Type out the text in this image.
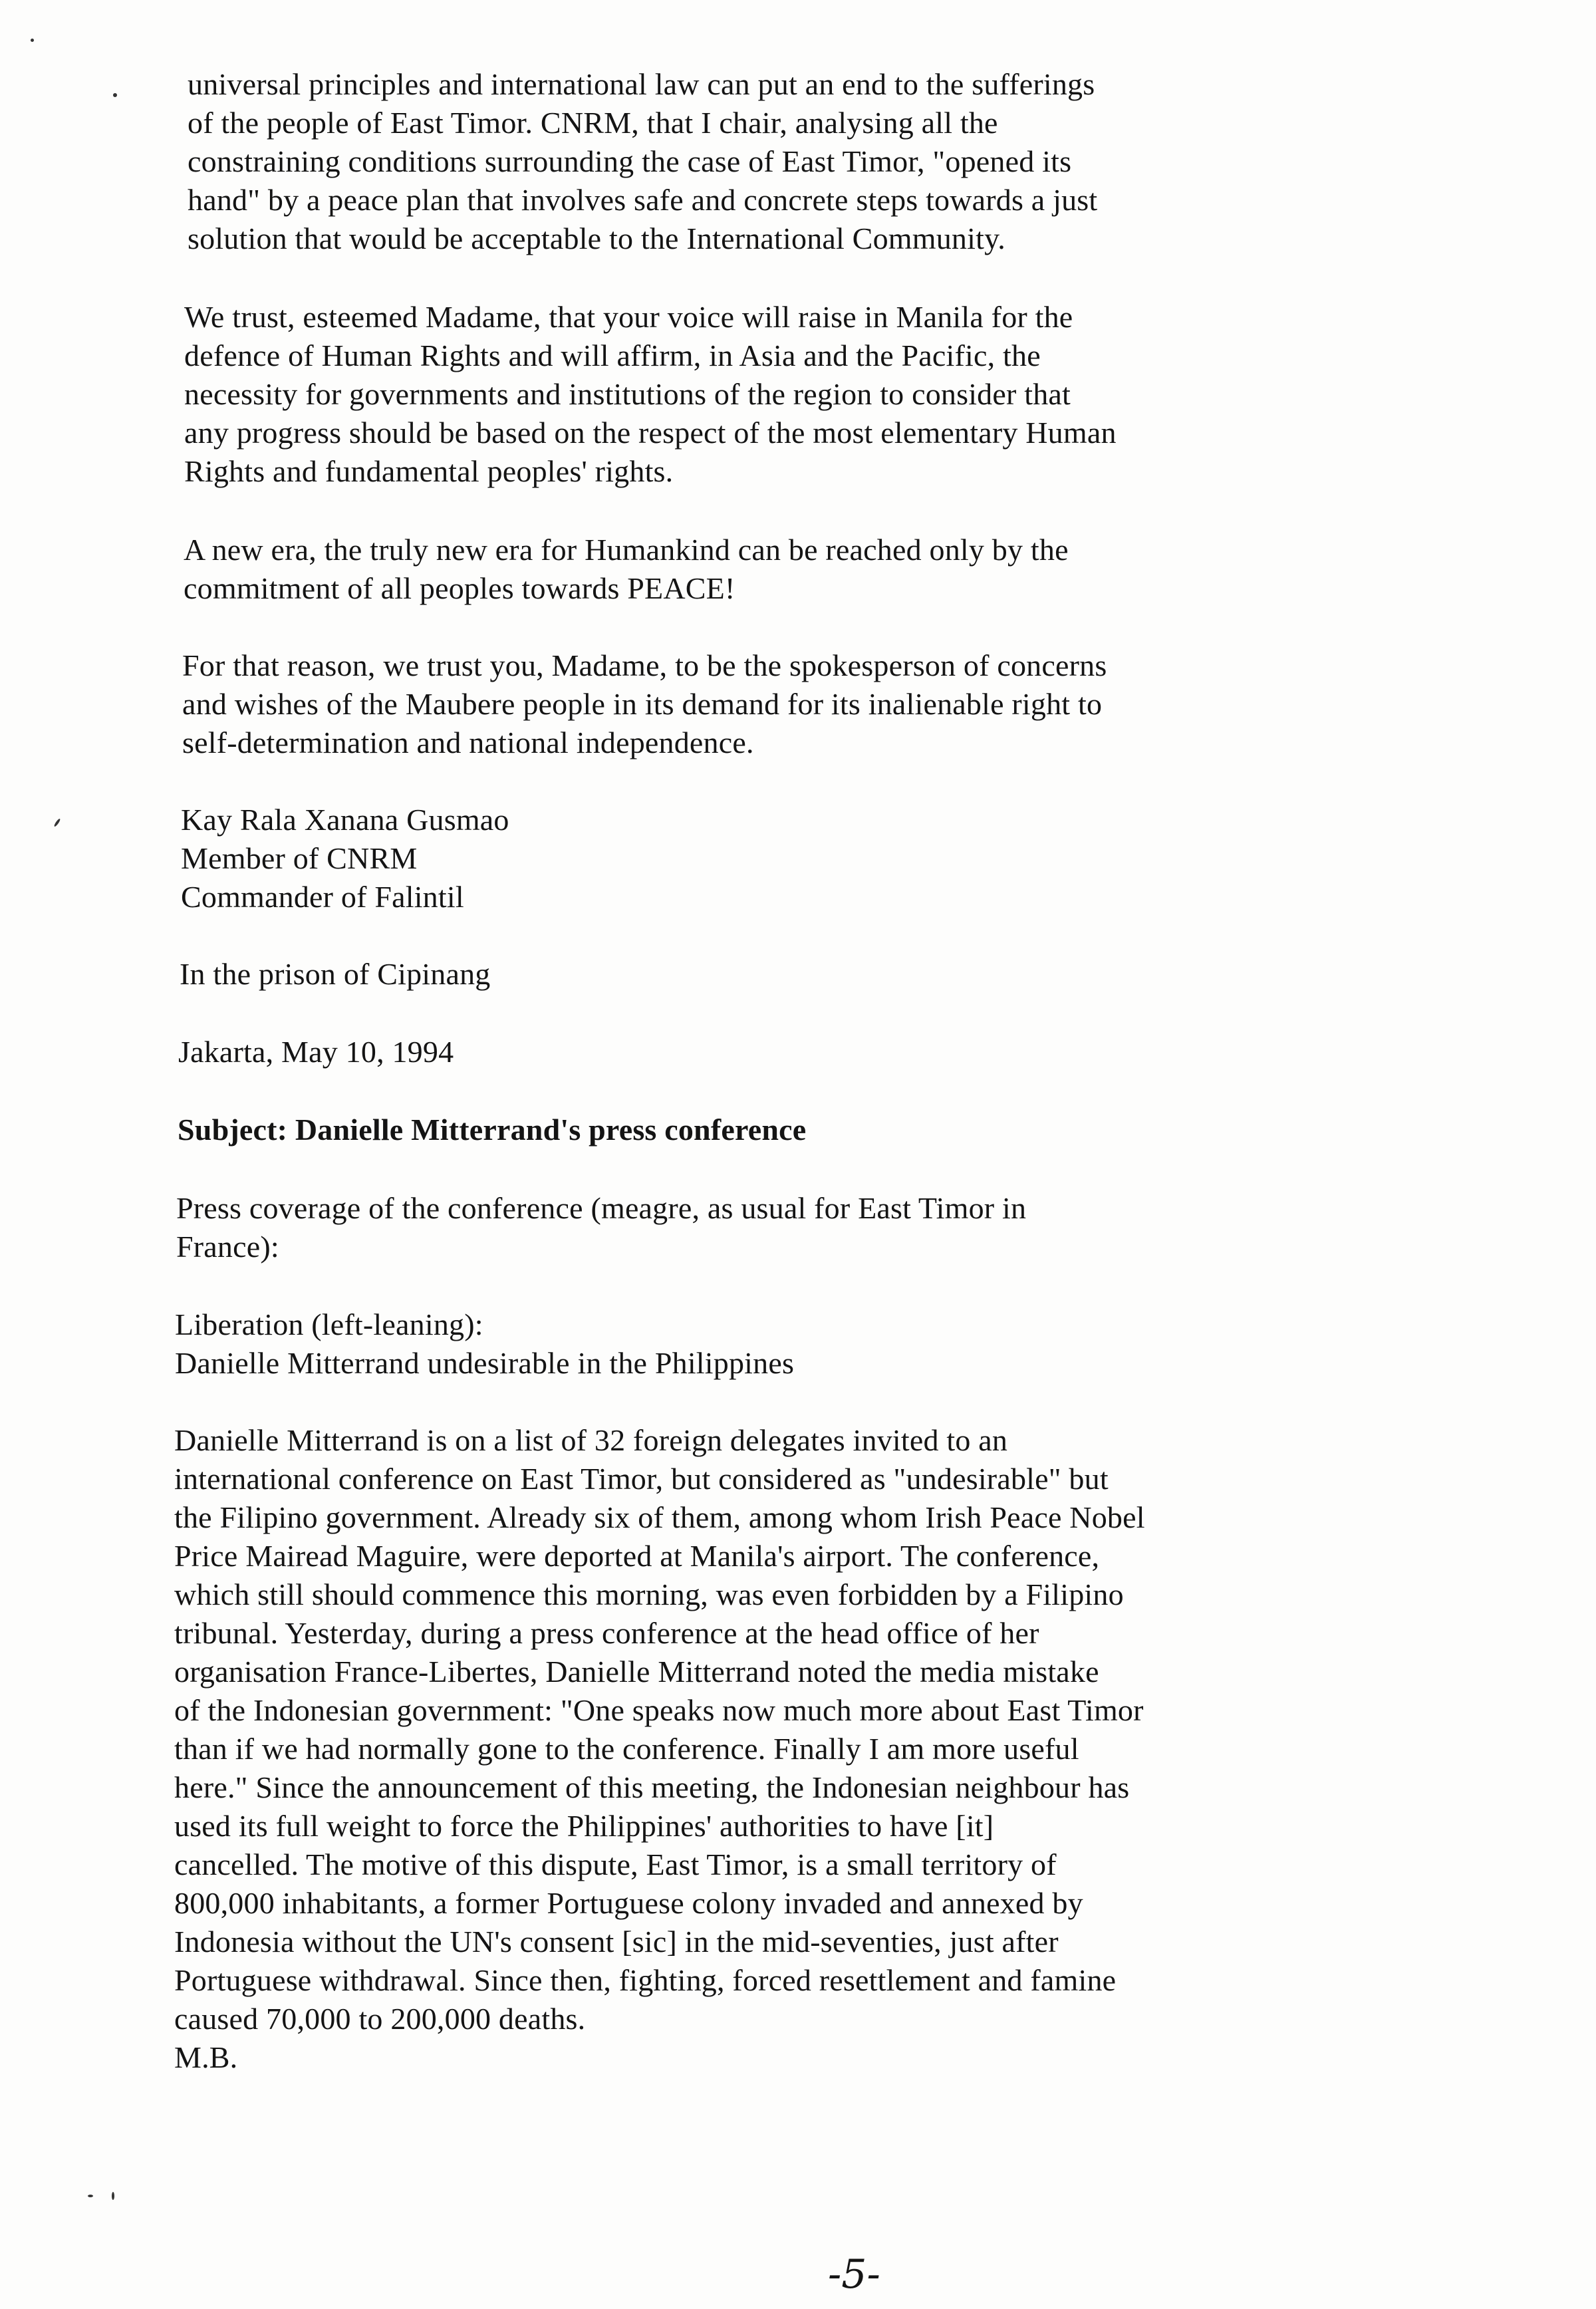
universal principles and international law can put an end to the sufferings
of the people of East Timor. CNRM, that I chair, analysing all the
constraining conditions surrounding the case of East Timor, "opened its
hand" by a peace plan that involves safe and concrete steps towards a just
solution that would be acceptable to the International Community.

We trust, esteemed Madame, that your voice will raise in Manila for the
defence of Human Rights and will affirm, in Asia and the Pacific, the
necessity for governments and institutions of the region to consider that
any progress should be based on the respect of the most elementary Human
Rights and fundamental peoples' rights.

A new era, the truly new era for Humankind can be reached only by the
commitment of all peoples towards PEACE!

For that reason, we trust you, Madame, to be the spokesperson of concerns
and wishes of the Maubere people in its demand for its inalienable right to
self-determination and national independence.

Kay Rala Xanana Gusmao
Member of CNRM
Commander of Falintil

In the prison of Cipinang

Jakarta, May 10, 1994

Subject: Danielle Mitterrand's press conference

Press coverage of the conference (meagre, as usual for East Timor in
France):

Liberation (left-leaning):
Danielle Mitterrand undesirable in the Philippines

Danielle Mitterrand is on a list of 32 foreign delegates invited to an
international conference on East Timor, but considered as "undesirable" but
the Filipino government. Already six of them, among whom Irish Peace Nobel
Price Mairead Maguire, were deported at Manila's airport. The conference,
which still should commence this morning, was even forbidden by a Filipino
tribunal. Yesterday, during a press conference at the head office of her
organisation France-Libertes, Danielle Mitterrand noted the media mistake
of the Indonesian government: "One speaks now much more about East Timor
than if we had normally gone to the conference. Finally I am more useful
here." Since the announcement of this meeting, the Indonesian neighbour has
used its full weight to force the Philippines' authorities to have [it]
cancelled. The motive of this dispute, East Timor, is a small territory of
800,000 inhabitants, a former Portuguese colony invaded and annexed by
Indonesia without the UN's consent [sic] in the mid-seventies, just after
Portuguese withdrawal. Since then, fighting, forced resettlement and famine
caused 70,000 to 200,000 deaths.
M.B.

-5-
